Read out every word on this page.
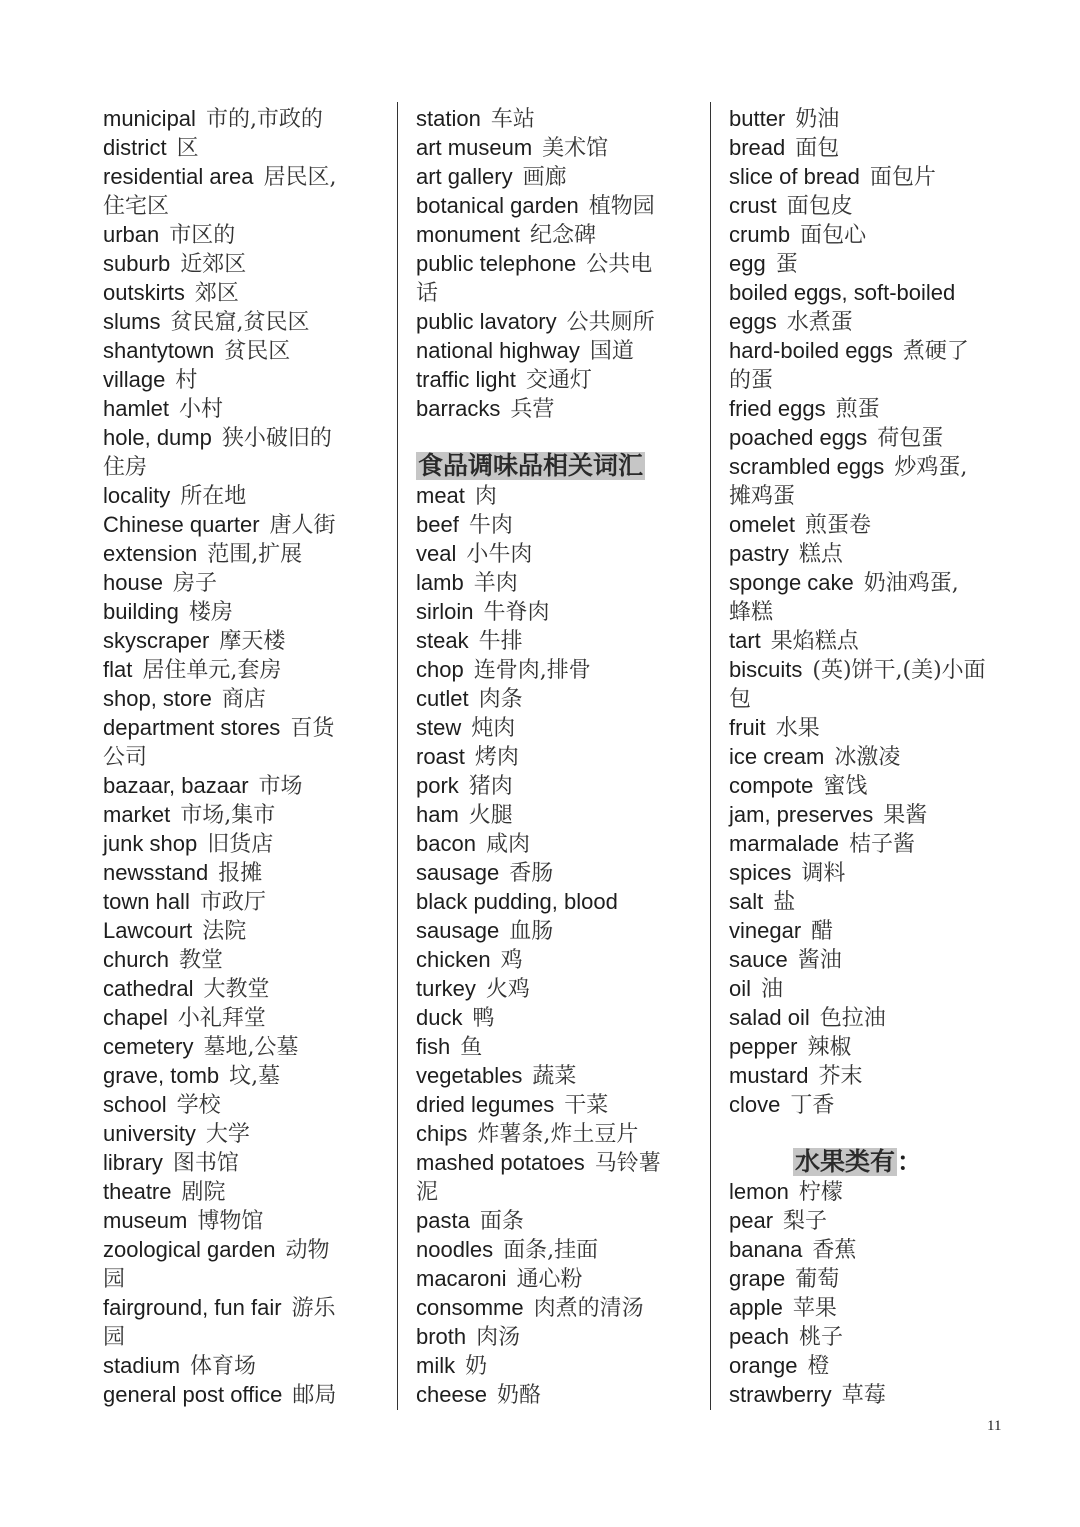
municipal 市的,市政的
district 区
residential area 居民区,
住宅区
urban 市区的
suburb 近郊区
outskirts 郊区
slums 贫民窟,贫民区
shantytown 贫民区
village 村
hamlet 小村
hole, dump 狭小破旧的
住房
locality 所在地
Chinese quarter 唐人街
extension 范围,扩展
house 房子
building 楼房
skyscraper 摩天楼
flat 居住单元,套房
shop, store 商店
department stores 百货
公司
bazaar, bazaar 市场
market 市场,集市
junk shop 旧货店
newsstand 报摊
town hall 市政厅
Lawcourt 法院
church 教堂
cathedral 大教堂
chapel 小礼拜堂
cemetery 墓地,公墓
grave, tomb 坟,墓
school 学校
university 大学
library 图书馆
theatre 剧院
museum 博物馆
zoological garden 动物
园
fairground, fun fair 游乐
园
stadium 体育场
general post office 邮局
station 车站
art museum 美术馆
art gallery 画廊
botanical garden 植物园
monument 纪念碑
public telephone 公共电
话
public lavatory 公共厕所
national highway 国道
traffic light 交通灯
barracks 兵营
食品调味品相关词汇
meat 肉
beef 牛肉
veal 小牛肉
lamb 羊肉
sirloin 牛脊肉
steak 牛排
chop 连骨肉,排骨
cutlet 肉条
stew 炖肉
roast 烤肉
pork 猪肉
ham 火腿
bacon 咸肉
sausage 香肠
black pudding, blood
sausage 血肠
chicken 鸡
turkey 火鸡
duck 鸭
fish 鱼
vegetables 蔬菜
dried legumes 干菜
chips 炸薯条,炸土豆片
mashed potatoes 马铃薯
泥
pasta 面条
noodles 面条,挂面
macaroni 通心粉
consomme 肉煮的清汤
broth 肉汤
milk 奶
cheese 奶酪
butter 奶油
bread 面包
slice of bread 面包片
crust 面包皮
crumb 面包心
egg 蛋
boiled eggs, soft-boiled
eggs 水煮蛋
hard-boiled eggs 煮硬了
的蛋
fried eggs 煎蛋
poached eggs 荷包蛋
scrambled eggs 炒鸡蛋,
摊鸡蛋
omelet 煎蛋卷
pastry 糕点
sponge cake 奶油鸡蛋,
蜂糕
tart 果焰糕点
biscuits (英)饼干,(美)小面
包
fruit 水果
ice cream 冰激凌
compote 蜜饯
jam, preserves 果酱
marmalade 桔子酱
spices 调料
salt 盐
vinegar 醋
sauce 酱油
oil 油
salad oil 色拉油
pepper 辣椒
mustard 芥末
clove 丁香
水果类有：
lemon 柠檬
pear 梨子
banana 香蕉
grape 葡萄
apple 苹果
peach 桃子
orange 橙
strawberry 草莓
11
